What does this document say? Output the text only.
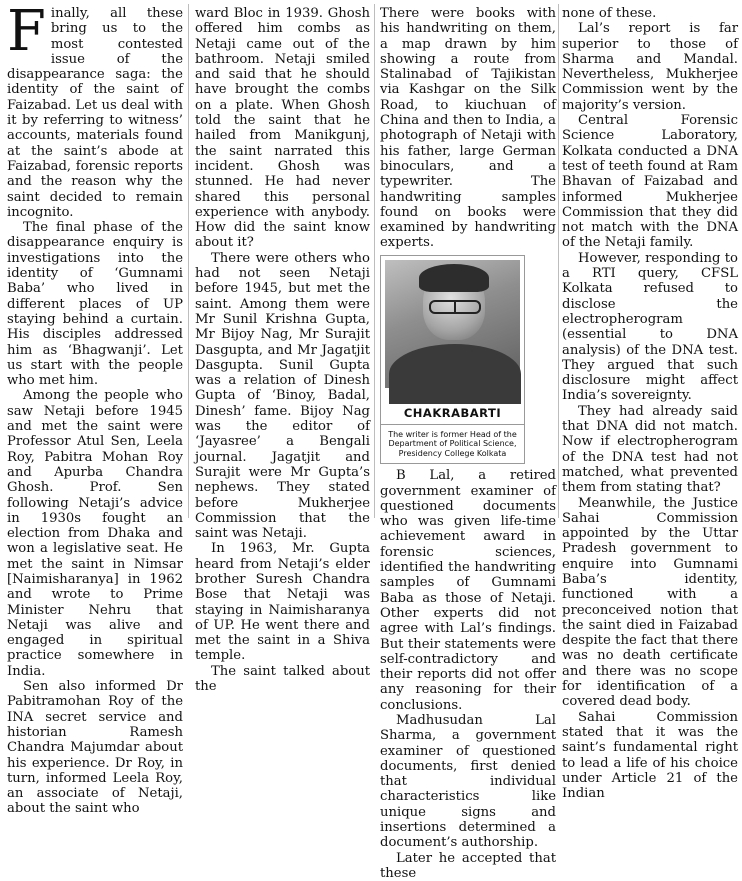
Finally, all these bring us to the most contested issue of the disappearance saga: the identity of the saint of Faizabad. Let us deal with it by referring to witness’ accounts, materials found at the saint’s abode at Faizabad, forensic reports and the reason why the saint decided to remain incognito.

The final phase of the disappearance enquiry is investigations into the identity of ‘Gumnami Baba’ who lived in different places of UP staying behind a curtain. His disciples addressed him as ‘Bhagwanji’. Let us start with the people who met him.

Among the people who saw Netaji before 1945 and met the saint were Professor Atul Sen, Leela Roy, Pabitra Mohan Roy and Apurba Chandra Ghosh. Prof. Sen following Netaji’s advice in 1930s fought an election from Dhaka and won a legislative seat. He met the saint in Nimsar [Naimisharanya] in 1962 and wrote to Prime Minister Nehru that Netaji was alive and engaged in spiritual practice somewhere in India.

Sen also informed Dr Pabitramohan Roy of the INA secret service and historian Ramesh Chandra Majumdar about his experience. Dr Roy, in turn, informed Leela Roy, an associate of Netaji, about the saint who

ward Bloc in 1939. Ghosh offered him combs as Netaji came out of the bathroom. Netaji smiled and said that he should have brought the combs on a plate. When Ghosh told the saint that he hailed from Manikgunj, the saint narrated this incident. Ghosh was stunned. He had never shared this personal experience with anybody. How did the saint know about it?

There were others who had not seen Netaji before 1945, but met the saint. Among them were Mr Sunil Krishna Gupta, Mr Bijoy Nag, Mr Surajit Dasgupta, and Mr Jagatjit Dasgupta. Sunil Gupta was a relation of Dinesh Gupta of ‘Binoy, Badal, Dinesh’ fame. Bijoy Nag was the editor of ‘Jayasree’ a Bengali journal. Jagatjit and Surajit were Mr Gupta’s nephews. They stated before Mukherjee Commission that the saint was Netaji.

In 1963, Mr. Gupta heard from Netaji’s elder brother Suresh Chandra Bose that Netaji was staying in Naimisharanya of UP. He went there and met the saint in a Shiva temple.

The saint talked about the

There were books with his handwriting on them, a map drawn by him showing a route from Stalinabad of Tajikistan via Kashgar on the Silk Road, to kiuchuan of China and then to India, a photograph of Netaji with his father, large German binoculars, and a typewriter. The handwriting samples found on books were examined by handwriting experts.

CHAKRABARTI
The writer is former Head of the Department of Political Science, Presidency College Kolkata

B Lal, a retired government examiner of questioned documents who was given life-time achievement award in forensic sciences, identified the handwriting samples of Gumnami Baba as those of Netaji. Other experts did not agree with Lal’s findings. But their statements were self-contradictory and their reports did not offer any reasoning for their conclusions.

Madhusudan Lal Sharma, a government examiner of questioned documents, first denied that individual characteristics like unique signs and insertions determined a document’s authorship.

Later he accepted that these

none of these.

Lal’s report is far superior to those of Sharma and Mandal. Nevertheless, Mukherjee Commission went by the majority’s version.

Central Forensic Science Laboratory, Kolkata conducted a DNA test of teeth found at Ram Bhavan of Faizabad and informed Mukherjee Commission that they did not match with the DNA of the Netaji family.

However, responding to a RTI query, CFSL Kolkata refused to disclose the electropherogram (essential to DNA analysis) of the DNA test. They argued that such disclosure might affect India’s sovereignty.

They had already said that DNA did not match. Now if electropherogram of the DNA test had not matched, what prevented them from stating that?

Meanwhile, the Justice Sahai Commission appointed by the Uttar Pradesh government to enquire into Gumnami Baba’s identity, functioned with a preconceived notion that the saint died in Faizabad despite the fact that there was no death certificate and there was no scope for identification of a covered dead body.

Sahai Commission stated that it was the saint’s fundamental right to lead a life of his choice under Article 21 of the Indian
